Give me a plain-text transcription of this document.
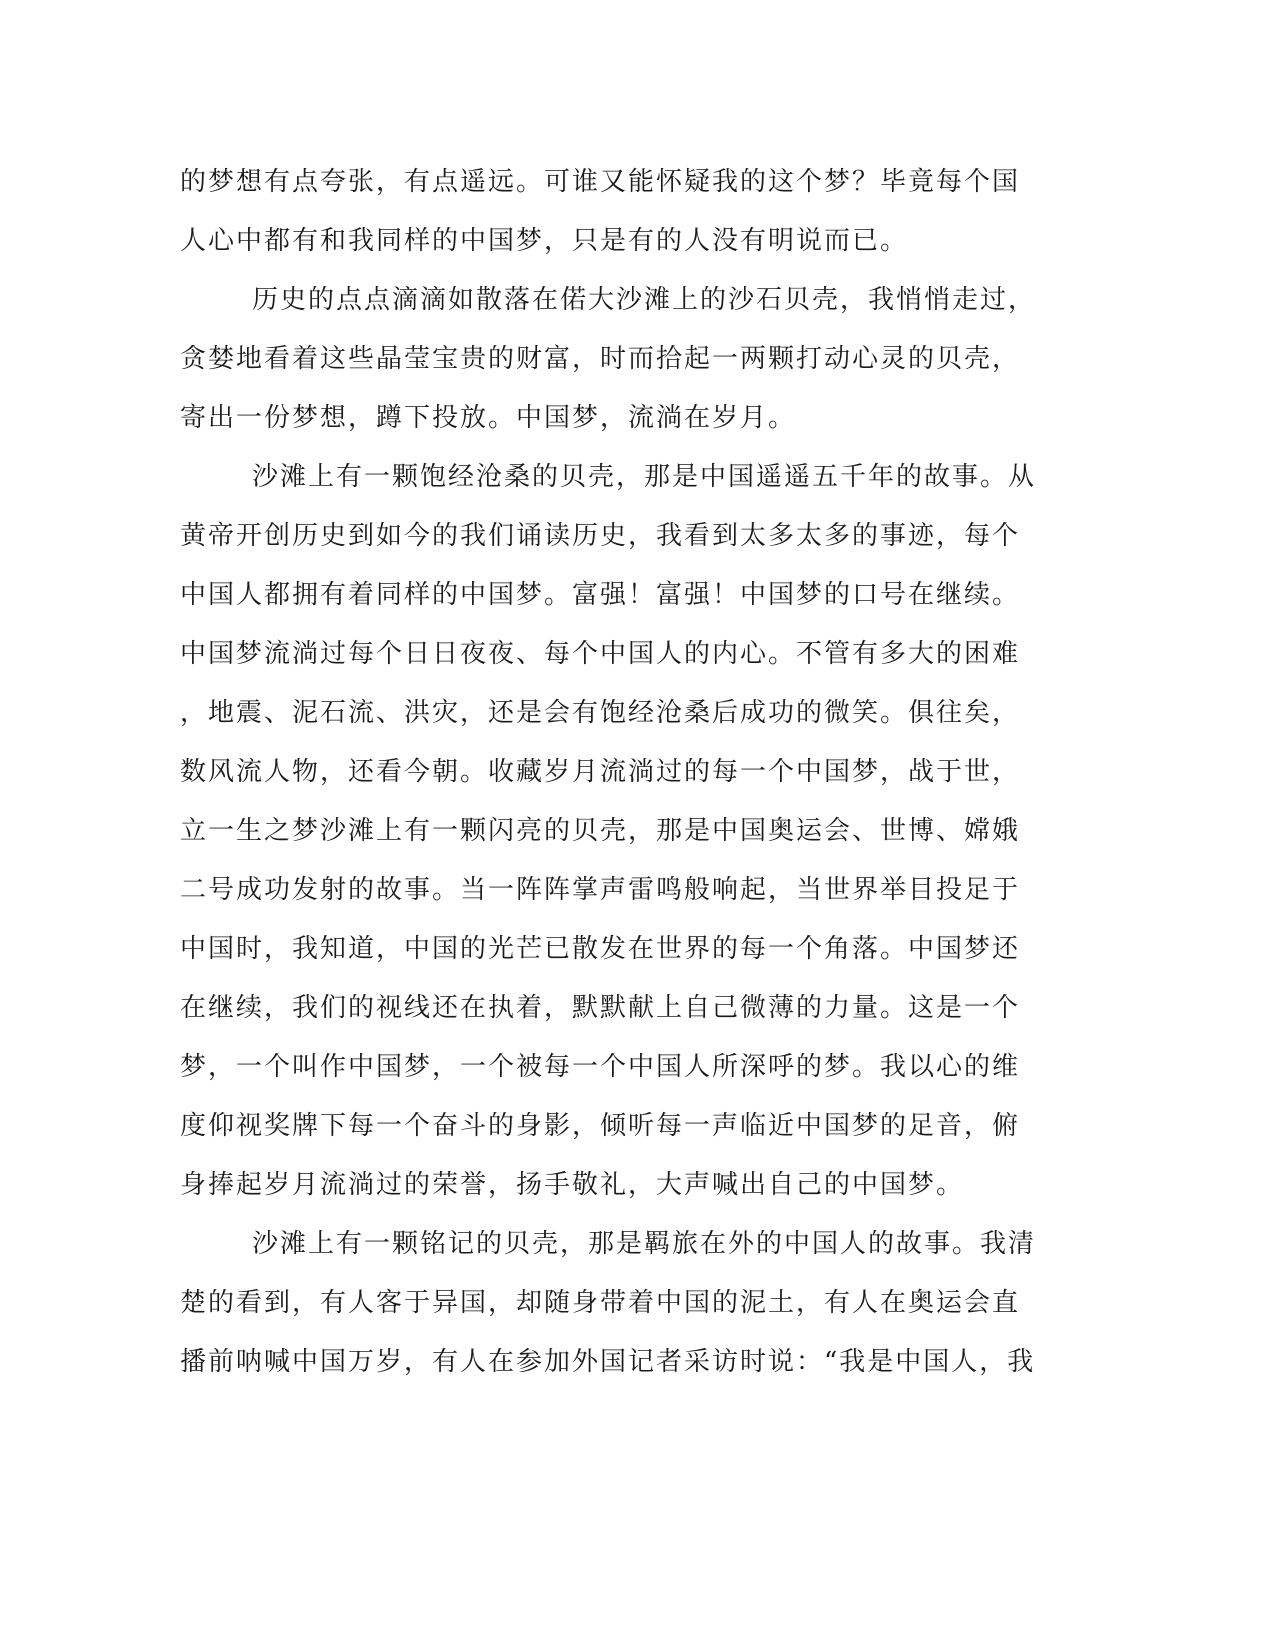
的梦想有点夸张，有点遥远。可谁又能怀疑我的这个梦？毕竟每个国
人心中都有和我同样的中国梦，只是有的人没有明说而已。
历史的点点滴滴如散落在偌大沙滩上的沙石贝壳，我悄悄走过，
贪婪地看着这些晶莹宝贵的财富，时而拾起一两颗打动心灵的贝壳，
寄出一份梦想，蹲下投放。中国梦，流淌在岁月。
沙滩上有一颗饱经沧桑的贝壳，那是中国遥遥五千年的故事。从
黄帝开创历史到如今的我们诵读历史，我看到太多太多的事迹，每个
中国人都拥有着同样的中国梦。富强！富强！中国梦的口号在继续。
中国梦流淌过每个日日夜夜、每个中国人的内心。不管有多大的困难
，地震、泥石流、洪灾，还是会有饱经沧桑后成功的微笑。俱往矣，
数风流人物，还看今朝。收藏岁月流淌过的每一个中国梦，战于世，
立一生之梦沙滩上有一颗闪亮的贝壳，那是中国奥运会、世博、嫦娥
二号成功发射的故事。当一阵阵掌声雷鸣般响起，当世界举目投足于
中国时，我知道，中国的光芒已散发在世界的每一个角落。中国梦还
在继续，我们的视线还在执着，默默献上自己微薄的力量。这是一个
梦，一个叫作中国梦，一个被每一个中国人所深呼的梦。我以心的维
度仰视奖牌下每一个奋斗的身影，倾听每一声临近中国梦的足音，俯
身捧起岁月流淌过的荣誉，扬手敬礼，大声喊出自己的中国梦。
沙滩上有一颗铭记的贝壳，那是羁旅在外的中国人的故事。我清
楚的看到，有人客于异国，却随身带着中国的泥土，有人在奥运会直
播前呐喊中国万岁，有人在参加外国记者采访时说：“我是中国人，我
